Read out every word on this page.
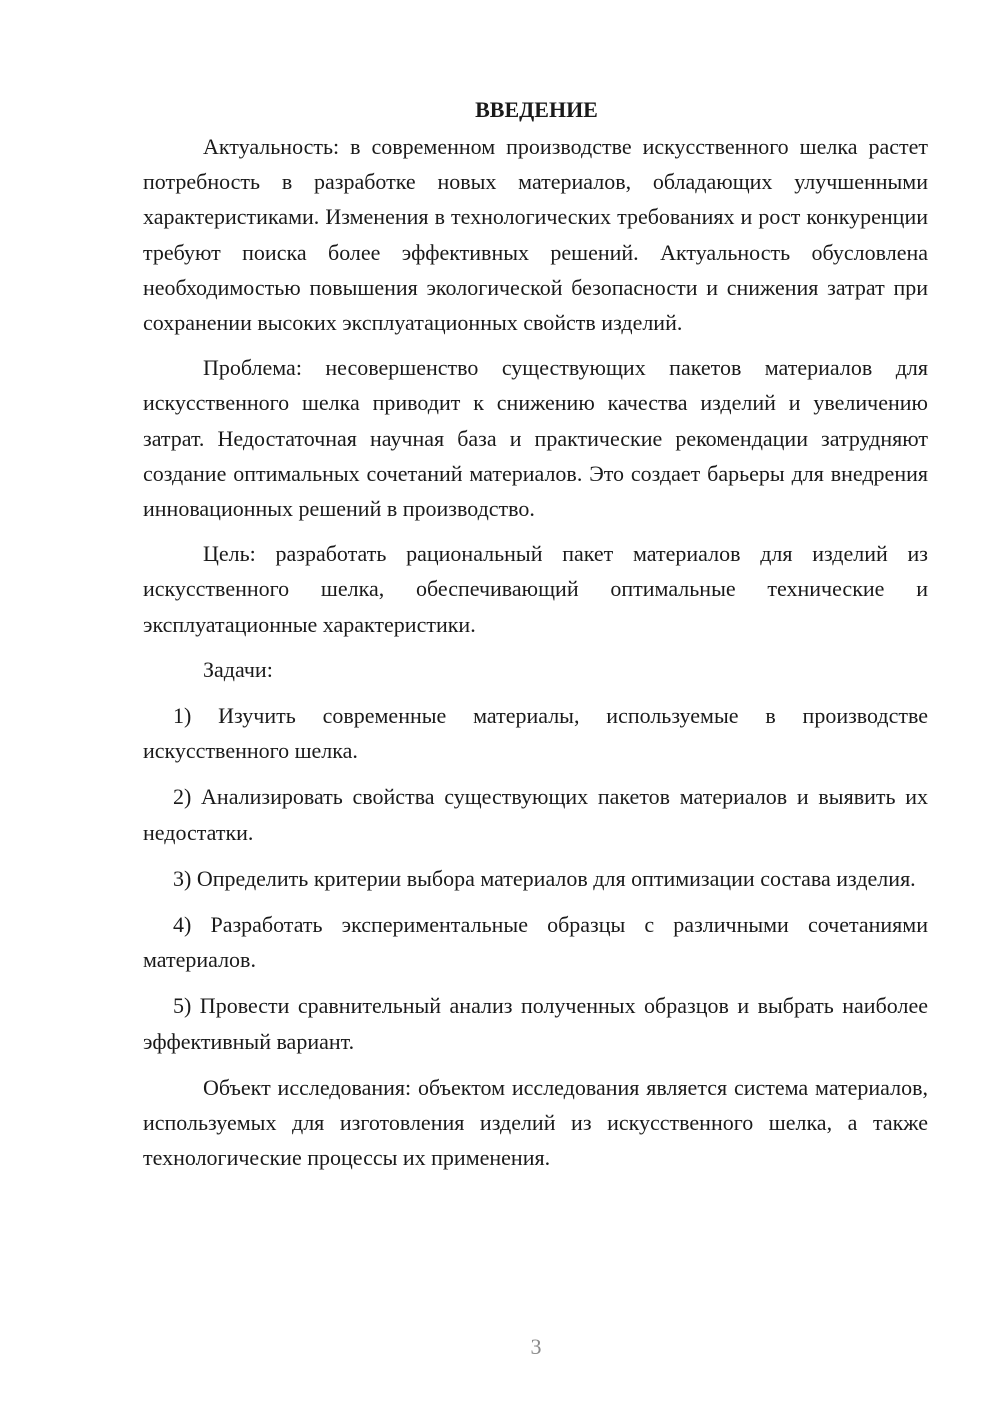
ВВЕДЕНИЕ

Актуальность: в современном производстве искусственного шелка растет потребность в разработке новых материалов, обладающих улучшенными характеристиками. Изменения в технологических требованиях и рост конкуренции требуют поиска более эффективных решений. Актуальность обусловлена необходимостью повышения экологической безопасности и снижения затрат при сохранении высоких эксплуатационных свойств изделий.

Проблема: несовершенство существующих пакетов материалов для искусственного шелка приводит к снижению качества изделий и увеличению затрат. Недостаточная научная база и практические рекомендации затрудняют создание оптимальных сочетаний материалов. Это создает барьеры для внедрения инновационных решений в производство.

Цель: разработать рациональный пакет материалов для изделий из искусственного шелка, обеспечивающий оптимальные технические и эксплуатационные характеристики.

Задачи:

1) Изучить современные материалы, используемые в производстве искусственного шелка.

2) Анализировать свойства существующих пакетов материалов и выявить их недостатки.

3) Определить критерии выбора материалов для оптимизации состава изделия.

4) Разработать экспериментальные образцы с различными сочетаниями материалов.

5) Провести сравнительный анализ полученных образцов и выбрать наиболее эффективный вариант.

Объект исследования: объектом исследования является система материалов, используемых для изготовления изделий из искусственного шелка, а также технологические процессы их применения.

3
